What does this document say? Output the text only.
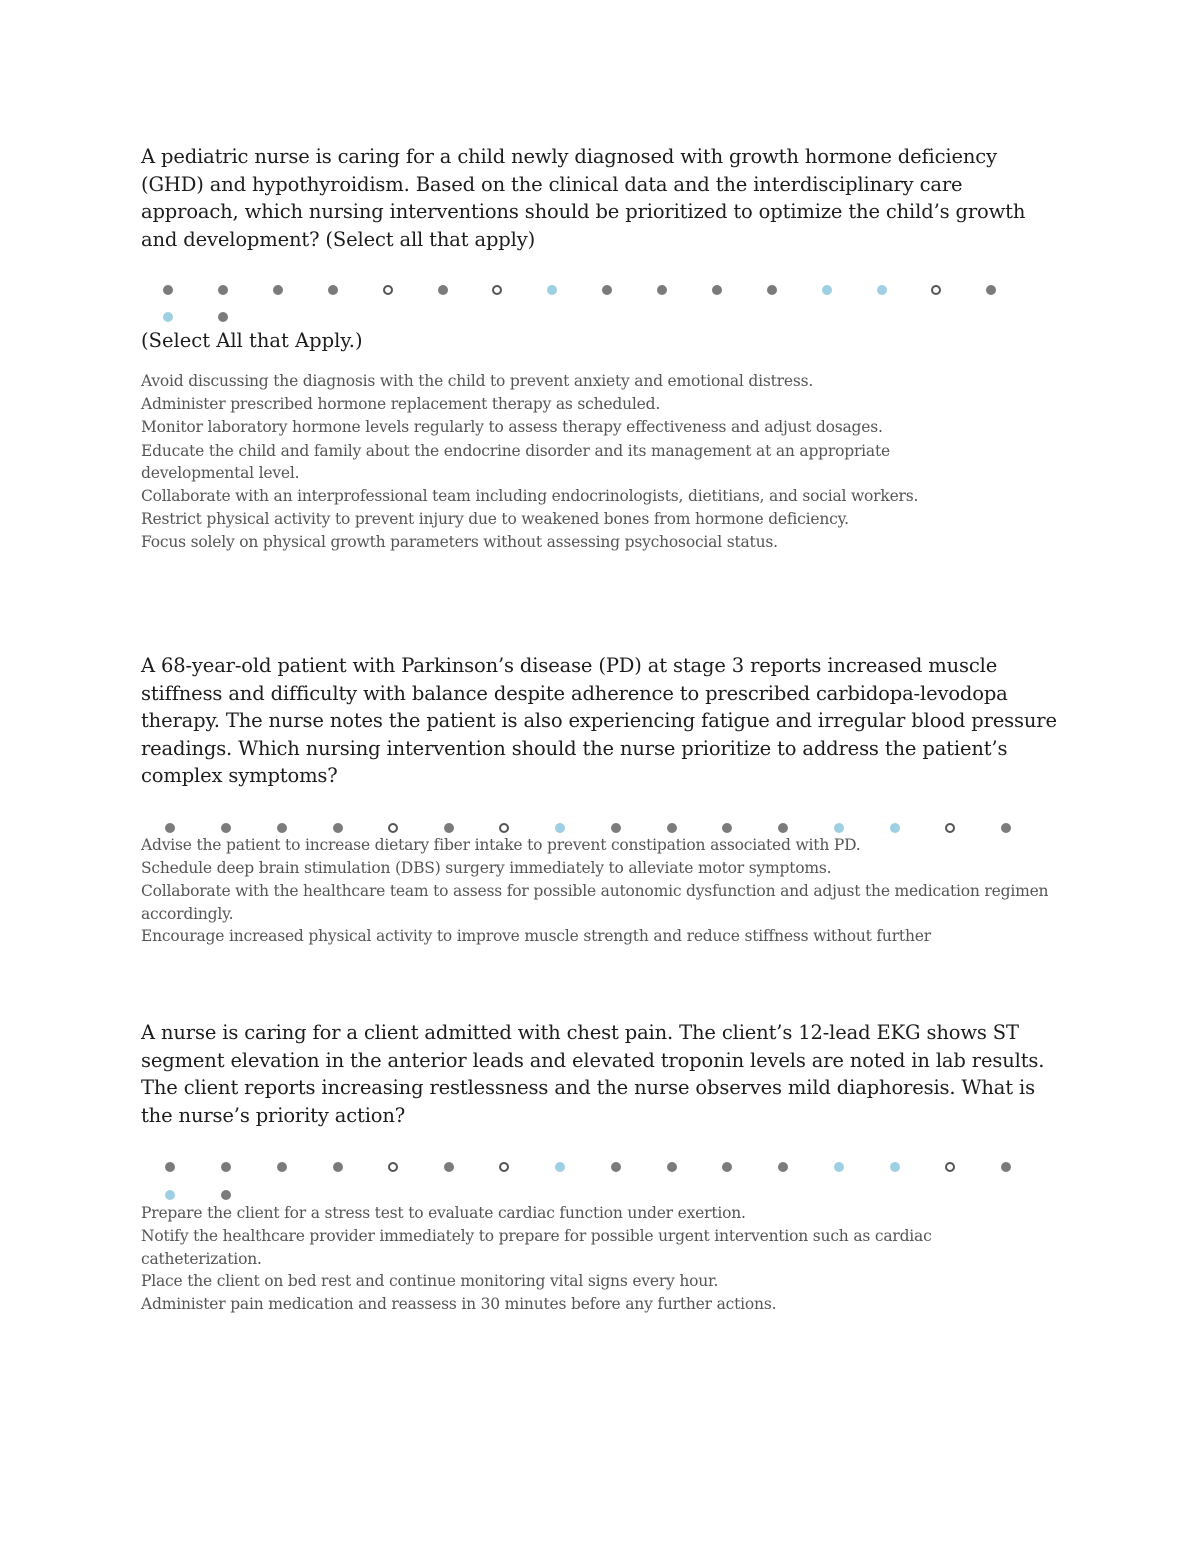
A pediatric nurse is caring for a child newly diagnosed with growth hormone deficiency (GHD) and hypothyroidism. Based on the clinical data and the interdisciplinary care approach, which nursing interventions should be prioritized to optimize the child’s growth and development? (Select all that apply)

(Select All that Apply.)

Avoid discussing the diagnosis with the child to prevent anxiety and emotional distress.
Administer prescribed hormone replacement therapy as scheduled.
Monitor laboratory hormone levels regularly to assess therapy effectiveness and adjust dosages.
Educate the child and family about the endocrine disorder and its management at an appropriate developmental level.
Collaborate with an interprofessional team including endocrinologists, dietitians, and social workers.
Restrict physical activity to prevent injury due to weakened bones from hormone deficiency.
Focus solely on physical growth parameters without assessing psychosocial status.

A 68-year-old patient with Parkinson’s disease (PD) at stage 3 reports increased muscle stiffness and difficulty with balance despite adherence to prescribed carbidopa-levodopa therapy. The nurse notes the patient is also experiencing fatigue and irregular blood pressure readings. Which nursing intervention should the nurse prioritize to address the patient’s complex symptoms?

Advise the patient to increase dietary fiber intake to prevent constipation associated with PD.
Schedule deep brain stimulation (DBS) surgery immediately to alleviate motor symptoms.
Collaborate with the healthcare team to assess for possible autonomic dysfunction and adjust the medication regimen accordingly.
Encourage increased physical activity to improve muscle strength and reduce stiffness without further

A nurse is caring for a client admitted with chest pain. The client’s 12-lead EKG shows ST segment elevation in the anterior leads and elevated troponin levels are noted in lab results. The client reports increasing restlessness and the nurse observes mild diaphoresis. What is the nurse’s priority action?

Prepare the client for a stress test to evaluate cardiac function under exertion.
Notify the healthcare provider immediately to prepare for possible urgent intervention such as cardiac catheterization.
Place the client on bed rest and continue monitoring vital signs every hour.
Administer pain medication and reassess in 30 minutes before any further actions.
